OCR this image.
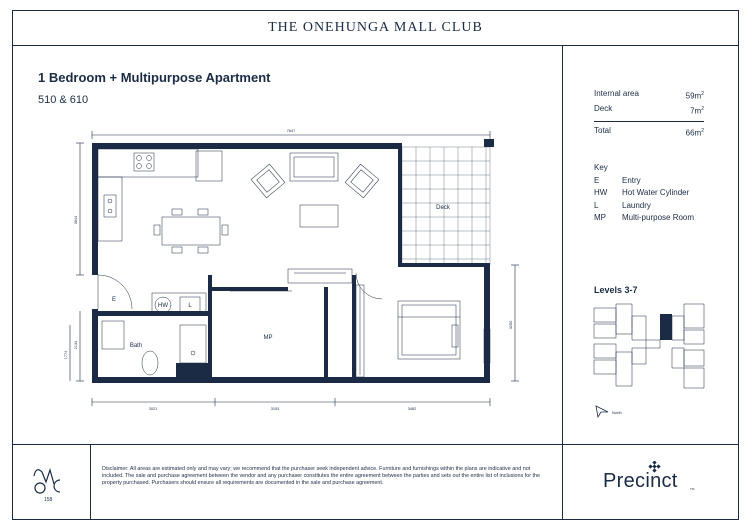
THE ONEHUNGA MALL CLUB
1 Bedroom + Multipurpose Apartment
510 & 610
7647
3644
2134
1774
3250
3021	3153	3482
Deck
E
HW	L
Bath
MP
Internal area	$59m^2$
Deck	$7m^2$
Total	$66m^2$
Key
E	Entry
HW	Hot Water Cylinder
L	Laundry
MP	Multi-purpose Room
Levels 3-7
North
158
Disclaimer: All areas are estimated only and may vary; we recommend that the purchaser seek independent advice. Furniture and furnishings within the plans are indicative and not included. The sale and purchase agreement between the vendor and any purchaser constitutes the entire agreement between the parties and sets out the entire list of inclusions for the property purchased. Purchasers should ensure all requirements are documented in the sale and purchase agreement.	Precinct	TM
